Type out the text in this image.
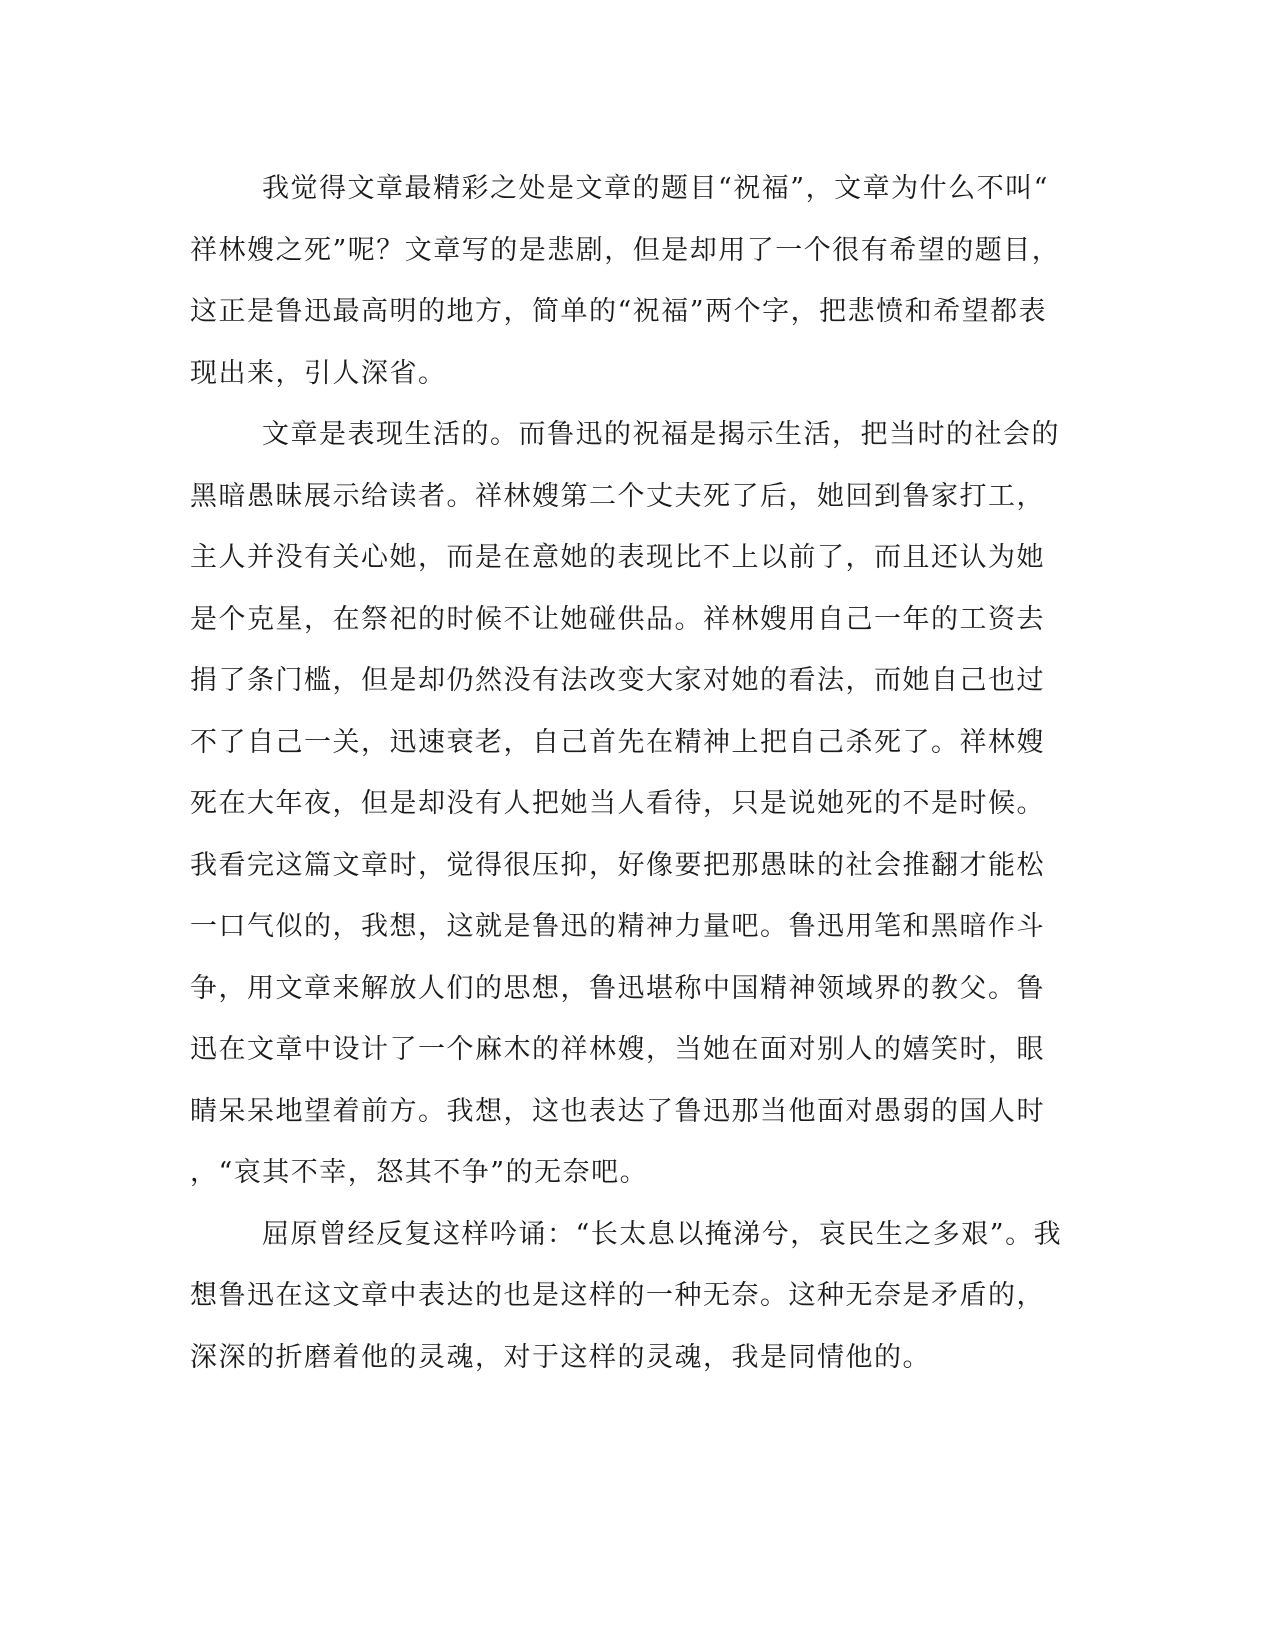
我觉得文章最精彩之处是文章的题目“祝福”，文章为什么不叫“
祥林嫂之死”呢？文章写的是悲剧，但是却用了一个很有希望的题目，
这正是鲁迅最高明的地方，简单的“祝福”两个字，把悲愤和希望都表
现出来，引人深省。
文章是表现生活的。而鲁迅的祝福是揭示生活，把当时的社会的
黑暗愚昧展示给读者。祥林嫂第二个丈夫死了后，她回到鲁家打工，
主人并没有关心她，而是在意她的表现比不上以前了，而且还认为她
是个克星，在祭祀的时候不让她碰供品。祥林嫂用自己一年的工资去
捐了条门槛，但是却仍然没有法改变大家对她的看法，而她自己也过
不了自己一关，迅速衰老，自己首先在精神上把自己杀死了。祥林嫂
死在大年夜，但是却没有人把她当人看待，只是说她死的不是时候。
我看完这篇文章时，觉得很压抑，好像要把那愚昧的社会推翻才能松
一口气似的，我想，这就是鲁迅的精神力量吧。鲁迅用笔和黑暗作斗
争，用文章来解放人们的思想，鲁迅堪称中国精神领域界的教父。鲁
迅在文章中设计了一个麻木的祥林嫂，当她在面对别人的嬉笑时，眼
睛呆呆地望着前方。我想，这也表达了鲁迅那当他面对愚弱的国人时
，“哀其不幸，怒其不争”的无奈吧。
屈原曾经反复这样吟诵：“长太息以掩涕兮，哀民生之多艰”。我
想鲁迅在这文章中表达的也是这样的一种无奈。这种无奈是矛盾的，
深深的折磨着他的灵魂，对于这样的灵魂，我是同情他的。
